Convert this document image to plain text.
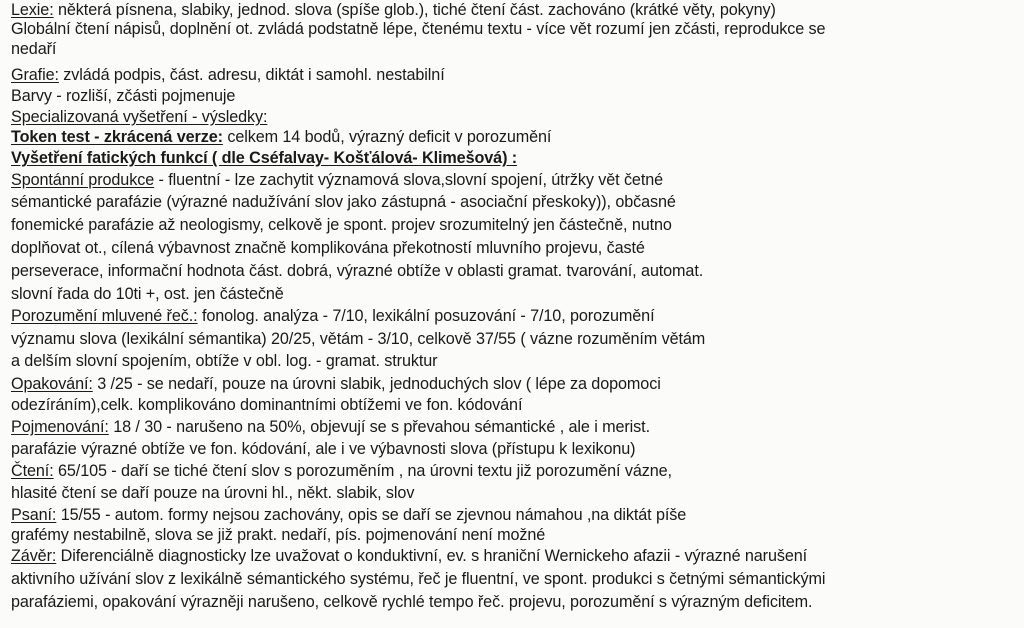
Lexie: některá písnena, slabiky, jednod. slova (spíše glob.), tiché čtení část. zachováno (krátké věty, pokyny)
Globální čtení nápisů, doplnění ot. zvládá podstatně lépe, čtenému textu - více vět rozumí jen zčásti, reprodukce se
nedaří
Grafie: zvládá podpis, část. adresu, diktát i samohl. nestabilní
Barvy - rozliší, zčásti pojmenuje
Specializovaná vyšetření - výsledky:
Token test - zkrácená verze: celkem 14 bodů, výrazný deficit v porozumění
Vyšetření fatických funkcí ( dle Cséfalvay- Košťálová- Klimešová) :
Spontánní produkce - fluentní - lze zachytit významová slova,slovní spojení, útržky vět četné
sémantické parafázie (výrazné nadužívání slov jako zástupná - asociační přeskoky)), občasné
fonemické parafázie až neologismy, celkově je spont. projev srozumitelný jen částečně, nutno
doplňovat ot., cílená výbavnost značně komplikována překotností mluvního projevu, časté
perseverace, informační hodnota část. dobrá, výrazné obtíže v oblasti gramat. tvarování, automat.
slovní řada do 10ti +, ost. jen částečně
Porozumění mluvené řeč.: fonolog. analýza - 7/10, lexikální posuzování - 7/10, porozumění
významu slova (lexikální sémantika) 20/25, větám - 3/10, celkově 37/55 ( vázne rozuměním větám
a delším slovní spojením, obtíže v obl. log. - gramat. struktur
Opakování: 3 /25 - se nedaří, pouze na úrovni slabik, jednoduchých slov ( lépe za dopomoci
odezíráním),celk. komplikováno dominantními obtížemi ve fon. kódování
Pojmenování: 18 / 30 - narušeno na 50%, objevují se s převahou sémantické , ale i merist.
parafázie výrazné obtíže ve fon. kódování, ale i ve výbavnosti slova (přístupu k lexikonu)
Čtení: 65/105 - daří se tiché čtení slov s porozuměním , na úrovni textu již porozumění vázne,
hlasité čtení se daří pouze na úrovni hl., někt. slabik, slov
Psaní: 15/55 - autom. formy nejsou zachovány, opis se daří se zjevnou námahou ,na diktát píše
grafémy nestabilně, slova se již prakt. nedaří, pís. pojmenování není možné
Závěr: Diferenciálně diagnosticky lze uvažovat o konduktivní, ev. s hraniční Wernickeho afazii - výrazné narušení
aktivního užívání slov z lexikálně sémantického systému, řeč je fluentní, ve spont. produkci s četnými sémantickými
parafáziemi, opakování výrazněji narušeno, celkově rychlé tempo řeč. projevu, porozumění s výrazným deficitem.
